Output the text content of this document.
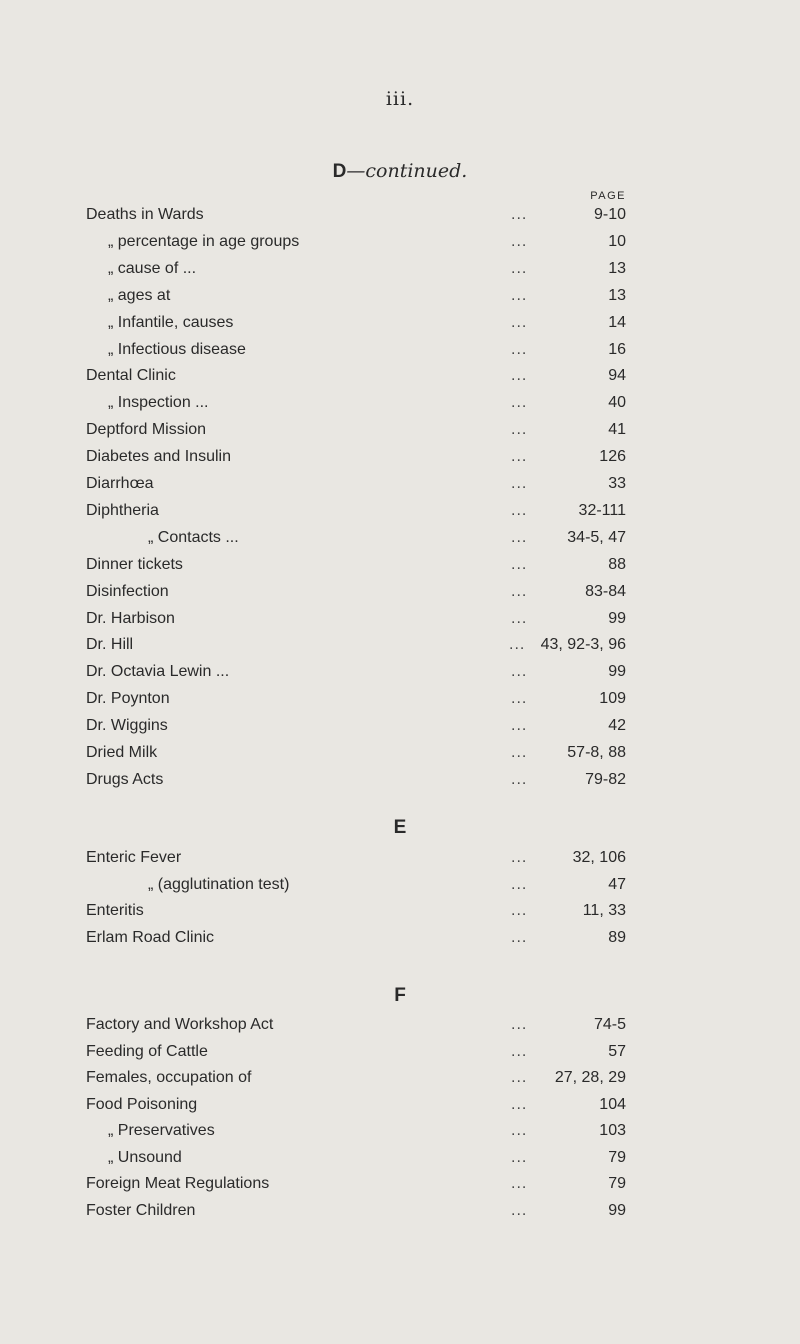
iii.
D—continued.
PAGE
Deaths in Wards	...	9-10
„ percentage in age groups	...	10
„ cause of ...	...	13
„ ages at	...	13
„ Infantile, causes	...	14
„ Infectious disease	...	16
Dental Clinic	...	94
„ Inspection ...	...	40
Deptford Mission	...	41
Diabetes and Insulin	...	126
Diarrhœa	...	33
Diphtheria	...	32-111
„ Contacts ...	... 34-5, 47
Dinner tickets	...	88
Disinfection	...	83-84
Dr. Harbison	...	99
Dr. Hill	... 43, 92-3, 96
Dr. Octavia Lewin ...	...	99
Dr. Poynton	...	109
Dr. Wiggins	...	42
Dried Milk	... 57-8, 88
Drugs Acts	...	79-82
E
Enteric Fever	...	32, 106
„ (agglutination test)	...	47
Enteritis	...	11, 33
Erlam Road Clinic	...	89
F
Factory and Workshop Act	...	74-5
Feeding of Cattle	...	57
Females, occupation of	... 27, 28, 29
Food Poisoning	...	104
„ Preservatives	...	103
„ Unsound	...	79
Foreign Meat Regulations	...	79
Foster Children	...	99
